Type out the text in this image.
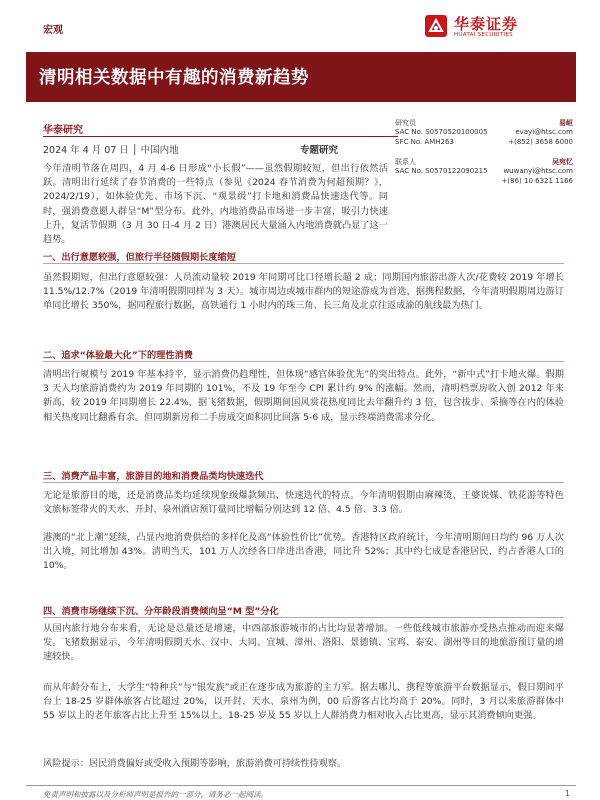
宏观	华泰证券
HUATAI SECURITIES
清明相关数据中有趣的消费新趋势
华泰研究
2024 年 4 月 07 日 │ 中国内地	专题研究
研究员	易峘
SAC No. S0570520100005	evayi@htsc.com
SFC No. AMH263	+(852) 3658 6000
联系人	吴宛忆
SAC No. S0570122090215 wuwanyi@htsc.com
+(86) 10 6321 1166
今年清明节落在周四，4 月 4-6 日形成“小长假”——虽然假期较短，但出行依然活跃。清明出行延续了春节消费的一些特点（参见《2024 春节消费为何超预期？》，2024/2/19），如体验优先、市场下沉、“观景级”打卡地和消费品快速迭代等。同时，强消费意愿人群呈“M”型分布。此外，内地消费品市场进一步丰富，吸引力快速上升，复活节假期（3 月 30 日-4 月 2 日）港澳居民大量涌入内地消费就凸显了这一趋势。
一、出行意愿较强，但旅行半径随假期长度缩短
虽然假期短，但出行意愿较强：人员流动量较 2019 年同期可比口径增长超 2 成；同期国内旅游出游人次/花费较 2019 年增长 11.5%/12.7%（2019 年清明假期同样为 3 天）。城市周边或城市群内的短途游成为首选，据携程数据，今年清明假期周边游订单同比增长 350%，据同程旅行数据，高铁通行 1 小时内的珠三角、长三角及北京往返成渝的航线最为热门。
二、追求“体验最大化”下的理性消费
清明出行规模与 2019 年基本持平，显示消费仍趋理性，但体现“感官体验优先”的突出特点。此外，“新中式”打卡地火爆。假期 3 天入均旅游消费约为 2019 年同期的 101%，不及 19 年至今 CPI 累计约 9% 的涨幅。然而，清明档票房收入创 2012 年来新高，较 2019 年同期增长 22.4%，据飞猪数据，假期期间国风赏花热度同比去年翻升约 3 倍，包含拔步、采摘等在内的体验相关热度同比翻番有余。但同期新房和二手房成交面积同比回落 5-6 成，显示终端消费需求分化。
三、消费产品丰富，旅游目的地和消费品类均快速迭代
无论是旅游目的地，还是消费品类均延续现象级爆款频出、快速迭代的特点。今年清明假期由麻辣烫、王婆说媒、铁花游等特色文旅标签带火的天水、开封、泉州酒店预订量同比增幅分别达到 12 倍、4.5 倍、3.3 倍。
港澳的“北上潮”延续，凸显内地消费供给的多样化及高“体验性价比”优势。香港特区政府统计，今年清明期间日均约 96 万人次出入境，同比增加 43%。清明当天，101 万人次经各口岸进出香港，同比升 52%；其中约七成是香港居民，约占香港人口的 10%。
四、消费市场继续下沉、分年龄段消费倾向呈“M 型”分化
从国内旅行地分布来看，无论是总量还是增速，中西部旅游城市的占比均显著增加。一些低线城市旅游亦受热点推动而迎来爆发。飞猪数据显示，今年清明假期天水、汉中、大同、宜城、漳州、洛阳、景德镇、宝鸡、泰安、湖州等目的地旅游预订量的增速较快。
而从年龄分布上，大学生“特种兵”与“银发族”或正在逐步成为旅游的主力军。据去哪儿、携程等旅游平台数据显示，假日期间平台上 18-25 岁群体旅客占比超过 20%，以开封、天水、泉州为例，00 后游客占比均高于 20%。同时，3 月以来旅游群体中 55 岁以上的老年旅客占比上升至 15%以上。18-25 岁及 55 岁以上人群消费力相对收入占比更高，显示其消费倾向更强。
风险提示：居民消费偏好或受收入预期等影响，旅游消费可持续性待观察。
免责声明和披露以及分析师声明是报告的一部分，请务必一起阅读。	1
